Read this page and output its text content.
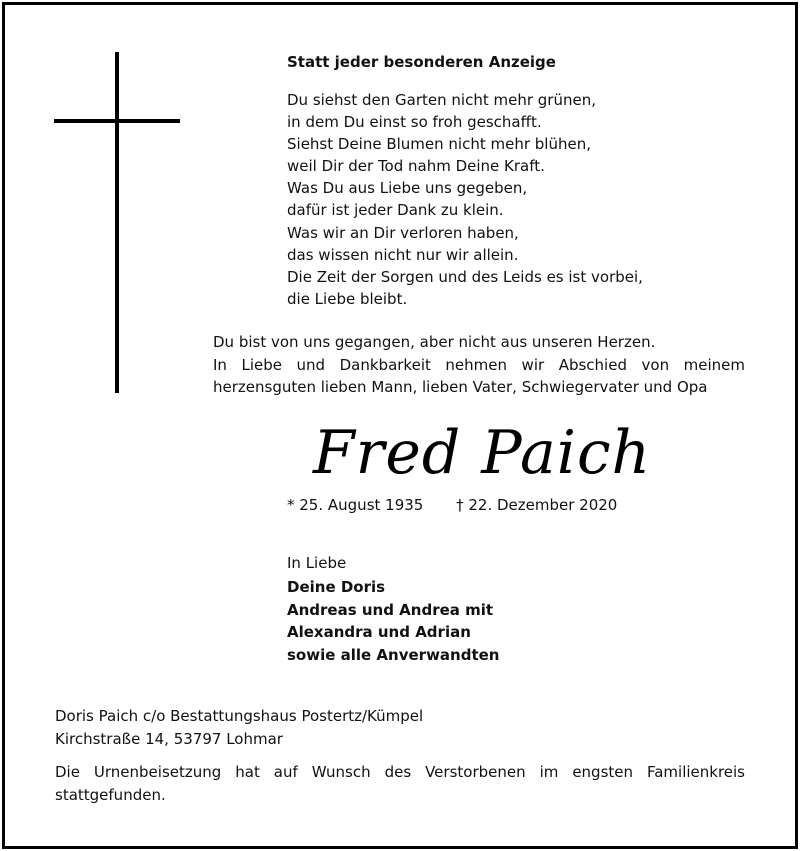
Statt jeder besonderen Anzeige
Du siehst den Garten nicht mehr grünen,
in dem Du einst so froh geschafft.
Siehst Deine Blumen nicht mehr blühen,
weil Dir der Tod nahm Deine Kraft.
Was Du aus Liebe uns gegeben,
dafür ist jeder Dank zu klein.
Was wir an Dir verloren haben,
das wissen nicht nur wir allein.
Die Zeit der Sorgen und des Leids es ist vorbei,
die Liebe bleibt.
Du bist von uns gegangen, aber nicht aus unseren Herzen.
In Liebe und Dankbarkeit nehmen wir Abschied von meinem herzensguten lieben Mann, lieben Vater, Schwiegervater und Opa
Fred Paich
* 25. August 1935 † 22. Dezember 2020
In Liebe
Deine Doris
Andreas und Andrea mit
Alexandra und Adrian
sowie alle Anverwandten
Doris Paich c/o Bestattungshaus Postertz/Kümpel
Kirchstraße 14, 53797 Lohmar
Die Urnenbeisetzung hat auf Wunsch des Verstorbenen im engsten Familienkreis stattgefunden.
